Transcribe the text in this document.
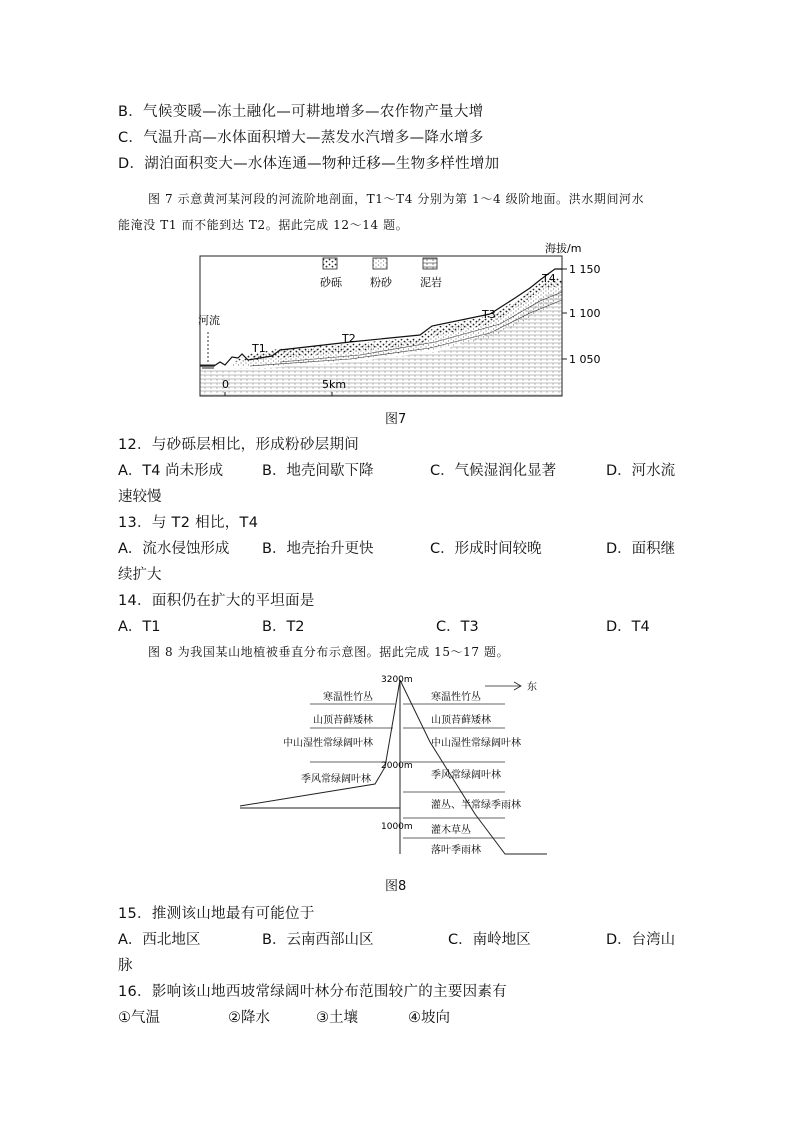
B．气候变暖—冻土融化—可耕地增多—农作物产量大增
C．气温升高—水体面积增大—蒸发水汽增多—降水增多
D．湖泊面积变大—水体连通—物种迁移—生物多样性增加
图 7 示意黄河某河段的河流阶地剖面，T1～T4 分别为第 1～4 级阶地面。洪水期间河水
能淹没 T1 而不能到达 T2。据此完成 12～14 题。
海拔/m
1 150
1 100
1 050
砂砾	粉砂	泥岩
河流
T1
T2
T3
T4
0	5km
图7
12．与砂砾层相比，形成粉砂层期间
A．T4 尚未形成	B．地壳间歇下降	C．气候湿润化显著	D．河水流
速较慢
13．与 T2 相比，T4
A．流水侵蚀形成 B．地壳抬升更快	C．形成时间较晚	D．面积继
续扩大
14．面积仍在扩大的平坦面是
A．T1	B．T2	C．T3	D．T4
图 8 为我国某山地植被垂直分布示意图。据此完成 15～17 题。
3200m
2000m
1000m
东
寒温性竹丛
山顶苔藓矮林
中山湿性常绿阔叶林
季风常绿阔叶林
寒温性竹丛
山顶苔藓矮林
中山湿性常绿阔叶林
季风常绿阔叶林
灌丛、半常绿季雨林
灌木草丛
落叶季雨林
图8
15．推测该山地最有可能位于
A．西北地区	B．云南西部山区	C．南岭地区	D．台湾山
脉
16．影响该山地西坡常绿阔叶林分布范围较广的主要因素有
①气温	②降水	③土壤	④坡向
